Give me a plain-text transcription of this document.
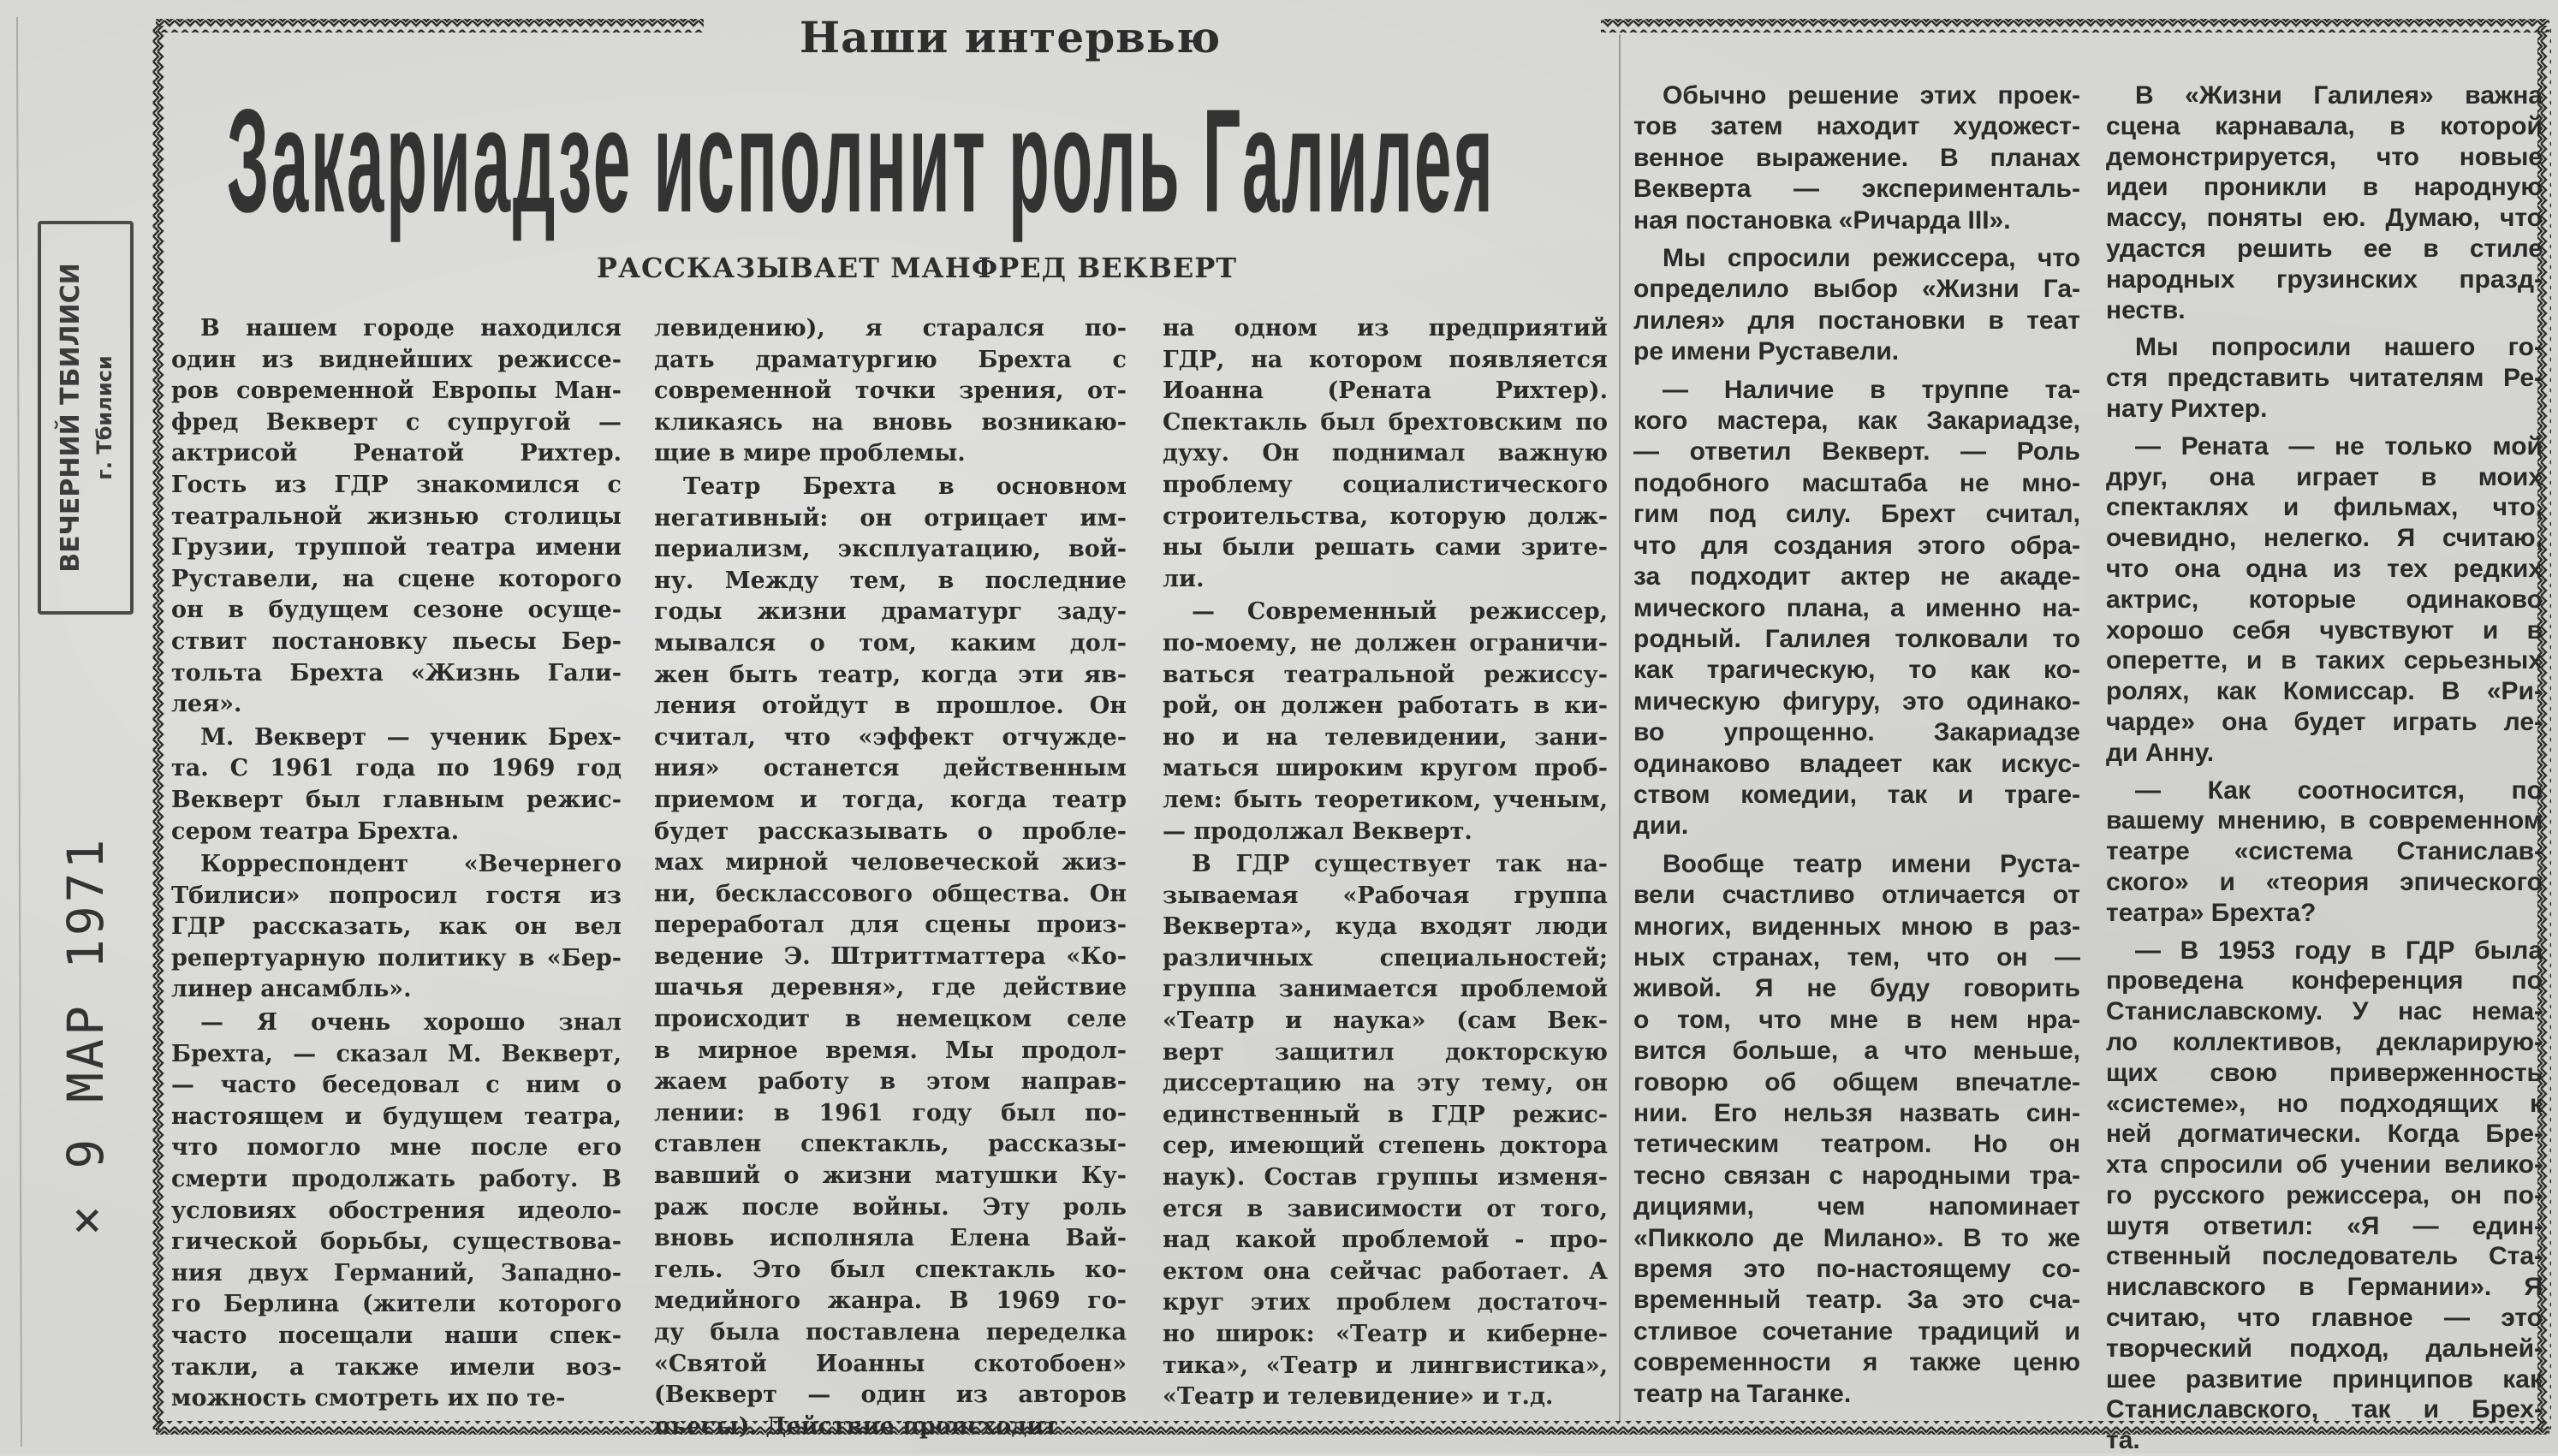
Наши интервью
Закариадзе исполнит роль Галилея
РАССКАЗЫВАЕТ МАНФРЕД ВЕКВЕРТ
ВЕЧЕРНИЙ ТБИЛИСИ г. Тбилиси
× 9 МАР 1971
В нашем городе находился
один из виднейших режиссе-
ров современной Европы Ман-
фред Векверт с супругой —
актрисой Ренатой Рихтер.
Гость из ГДР знакомился с
театральной жизнью столицы
Грузии, труппой театра имени
Руставели, на сцене которого
он в будущем сезоне осуще-
ствит постановку пьесы Бер-
тольта Брехта «Жизнь Гали-
лея».
М. Векверт — ученик Брех-
та. С 1961 года по 1969 год
Векверт был главным режис-
сером театра Брехта.
Корреспондент «Вечернего
Тбилиси» попросил гостя из
ГДР рассказать, как он вел
репертуарную политику в «Бер-
линер ансамбль».
— Я очень хорошо знал
Брехта, — сказал М. Векверт,
— часто беседовал с ним о
настоящем и будущем театра,
что помогло мне после его
смерти продолжать работу. В
условиях обострения идеоло-
гической борьбы, существова-
ния двух Германий, Западно-
го Берлина (жители которого
часто посещали наши спек-
такли, а также имели воз-
можность смотреть их по те-
левидению), я старался по-
дать драматургию Брехта с
современной точки зрения, от-
кликаясь на вновь возникаю-
щие в мире проблемы.
Театр Брехта в основном
негативный: он отрицает им-
периализм, эксплуатацию, вой-
ну. Между тем, в последние
годы жизни драматург заду-
мывался о том, каким дол-
жен быть театр, когда эти яв-
ления отойдут в прошлое. Он
считал, что «эффект отчужде-
ния» останется действенным
приемом и тогда, когда театр
будет рассказывать о пробле-
мах мирной человеческой жиз-
ни, бесклассового общества. Он
переработал для сцены произ-
ведение Э. Штриттматтера «Ко-
шачья деревня», где действие
происходит в немецком селе
в мирное время. Мы продол-
жаем работу в этом направ-
лении: в 1961 году был по-
ставлен спектакль, рассказы-
вавший о жизни матушки Ку-
раж после войны. Эту роль
вновь исполняла Елена Вай-
гель. Это был спектакль ко-
медийного жанра. В 1969 го-
ду была поставлена переделка
«Святой Иоанны скотобоен»
(Векверт — один из авторов
пьесы). Действие происходит
на одном из предприятий
ГДР, на котором появляется
Иоанна (Рената Рихтер).
Спектакль был брехтовским по
духу. Он поднимал важную
проблему социалистического
строительства, которую долж-
ны были решать сами зрите-
ли.
— Современный режиссер,
по-моему, не должен ограничи-
ваться театральной режиссу-
рой, он должен работать в ки-
но и на телевидении, зани-
маться широким кругом проб-
лем: быть теоретиком, ученым,
— продолжал Векверт.
В ГДР существует так на-
зываемая «Рабочая группа
Векверта», куда входят люди
различных специальностей;
группа занимается проблемой
«Театр и наука» (сам Век-
верт защитил докторскую
диссертацию на эту тему, он
единственный в ГДР режис-
сер, имеющий степень доктора
наук). Состав группы изменя-
ется в зависимости от того,
над какой проблемой - про-
ектом она сейчас работает. А
круг этих проблем достаточ-
но широк: «Театр и киберне-
тика», «Театр и лингвистика»,
«Театр и телевидение» и т.д.
Обычно решение этих проек-
тов затем находит художест-
венное выражение. В планах
Векверта — эксперименталь-
ная постановка «Ричарда III».
Мы спросили режиссера, что
определило выбор «Жизни Га-
лилея» для постановки в теат
ре имени Руставели.
— Наличие в труппе та-
кого мастера, как Закариадзе,
— ответил Векверт. — Роль
подобного масштаба не мно-
гим под силу. Брехт считал,
что для создания этого обра-
за подходит актер не акаде-
мического плана, а именно на-
родный. Галилея толковали то
как трагическую, то как ко-
мическую фигуру, это одинако-
во упрощенно. Закариадзе
одинаково владеет как искус-
ством комедии, так и траге-
дии.
Вообще театр имени Руста-
вели счастливо отличается от
многих, виденных мною в раз-
ных странах, тем, что он —
живой. Я не буду говорить
о том, что мне в нем нра-
вится больше, а что меньше,
говорю об общем впечатле-
нии. Его нельзя назвать син-
тетическим театром. Но он
тесно связан с народными тра-
дициями, чем напоминает
«Пикколо де Милано». В то же
время это по-настоящему со-
временный театр. За это сча-
стливое сочетание традиций и
современности я также ценю
театр на Таганке.
В «Жизни Галилея» важна
сцена карнавала, в которой
демонстрируется, что новые
идеи проникли в народную
массу, поняты ею. Думаю, что
удастся решить ее в стиле
народных грузинских празд-
неств.
Мы попросили нашего го-
стя представить читателям Ре-
нату Рихтер.
— Рената — не только мой
друг, она играет в моих
спектаклях и фильмах, что,
очевидно, нелегко. Я считаю,
что она одна из тех редких
актрис, которые одинаково
хорошо себя чувствуют и в
оперетте, и в таких серьезных
ролях, как Комиссар. В «Ри-
чарде» она будет играть ле-
ди Анну.
— Как соотносится, по
вашему мнению, в современном
театре «система Станислав-
ского» и «теория эпического
театра» Брехта?
— В 1953 году в ГДР была
проведена конференция по
Станиславскому. У нас нема-
ло коллективов, декларирую-
щих свою приверженность
«системе», но подходящих к
ней догматически. Когда Бре-
хта спросили об учении велико-
го русского режиссера, он по-
шутя ответил: «Я — един-
ственный последователь Ста-
ниславского в Германии». Я
считаю, что главное — это
творческий подход, дальней-
шее развитие принципов как
Станиславского, так и Брех-
та.
